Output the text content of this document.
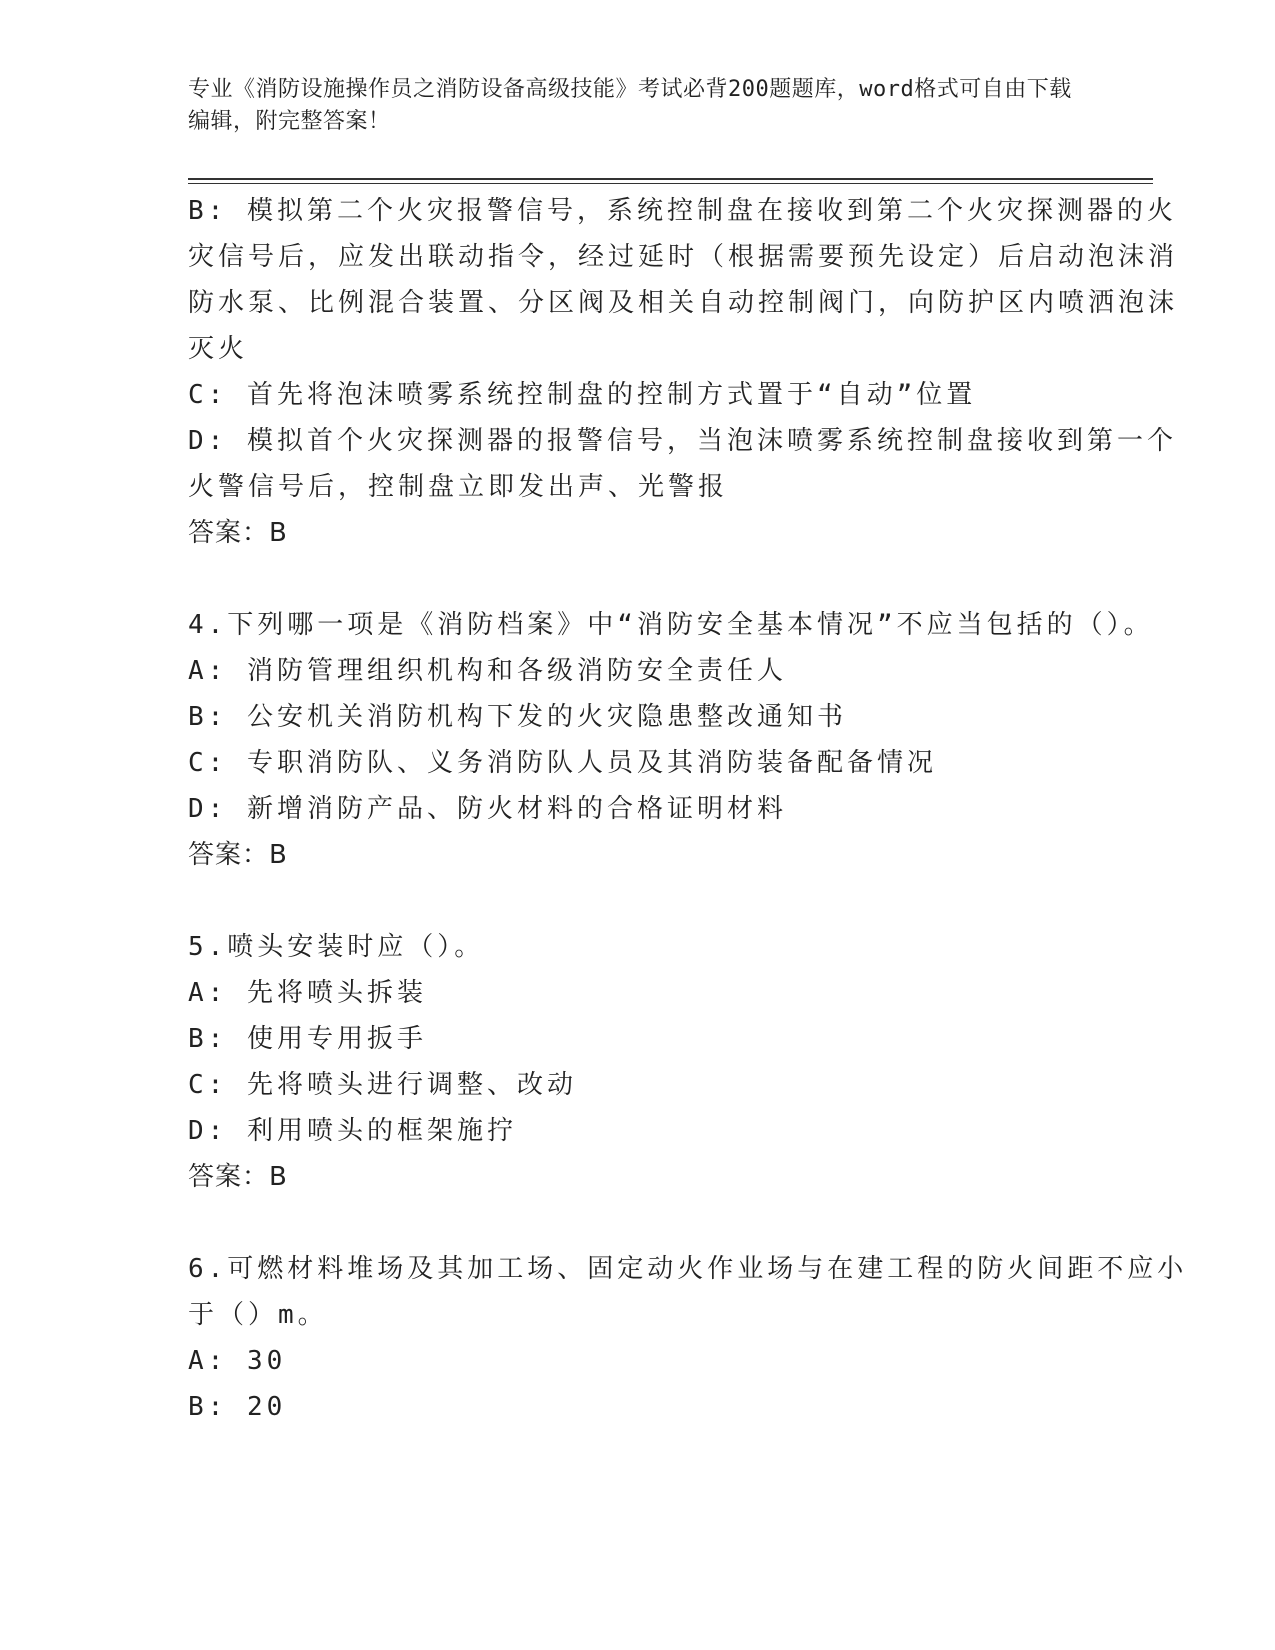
专业《消防设施操作员之消防设备高级技能》考试必背200题题库，word格式可自由下载编辑，附完整答案！

B: 模拟第二个火灾报警信号，系统控制盘在接收到第二个火灾探测器的火灾信号后，应发出联动指令，经过延时（根据需要预先设定）后启动泡沫消防水泵、比例混合装置、分区阀及相关自动控制阀门，向防护区内喷洒泡沫灭火

C: 首先将泡沫喷雾系统控制盘的控制方式置于“自动”位置

D: 模拟首个火灾探测器的报警信号，当泡沫喷雾系统控制盘接收到第一个火警信号后，控制盘立即发出声、光警报

答案：B

4.下列哪一项是《消防档案》中“消防安全基本情况”不应当包括的（）。

A: 消防管理组织机构和各级消防安全责任人

B: 公安机关消防机构下发的火灾隐患整改通知书

C: 专职消防队、义务消防队人员及其消防装备配备情况

D: 新增消防产品、防火材料的合格证明材料

答案：B

5.喷头安装时应（）。

A: 先将喷头拆装

B: 使用专用扳手

C: 先将喷头进行调整、改动

D: 利用喷头的框架施拧

答案：B

6.可燃材料堆场及其加工场、固定动火作业场与在建工程的防火间距不应小于（）m。

A: 30

B: 20
